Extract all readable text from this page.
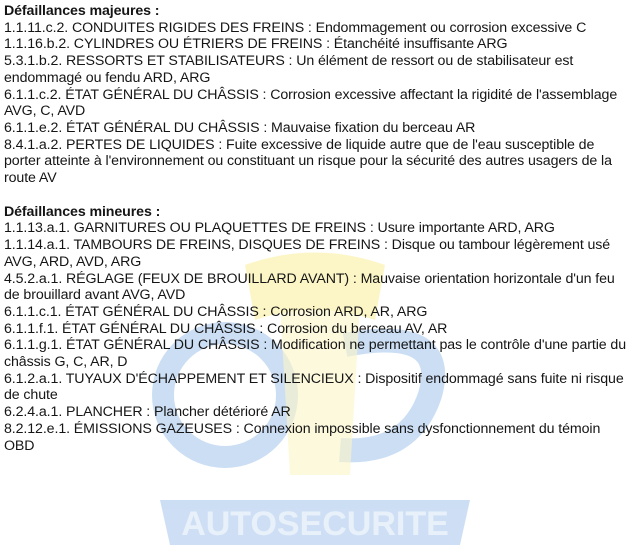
AUTOSECURITE

Défaillances majeures :

1.1.11.c.2. CONDUITES RIGIDES DES FREINS : Endommagement ou corrosion excessive C

1.1.16.b.2. CYLINDRES OU ÉTRIERS DE FREINS : Étanchéité insuffisante ARG

5.3.1.b.2. RESSORTS ET STABILISATEURS : Un élément de ressort ou de stabilisateur est endommagé ou fendu ARD, ARG

6.1.1.c.2. ÉTAT GÉNÉRAL DU CHÂSSIS : Corrosion excessive affectant la rigidité de l'assemblage AVG, C, AVD

6.1.1.e.2. ÉTAT GÉNÉRAL DU CHÂSSIS : Mauvaise fixation du berceau AR

8.4.1.a.2. PERTES DE LIQUIDES : Fuite excessive de liquide autre que de l'eau susceptible de porter atteinte à l'environnement ou constituant un risque pour la sécurité des autres usagers de la route AV

Défaillances mineures :

1.1.13.a.1. GARNITURES OU PLAQUETTES DE FREINS : Usure importante ARD, ARG

1.1.14.a.1. TAMBOURS DE FREINS, DISQUES DE FREINS : Disque ou tambour légèrement usé AVG, ARD, AVD, ARG

4.5.2.a.1. RÉGLAGE (FEUX DE BROUILLARD AVANT) : Mauvaise orientation horizontale d'un feu de brouillard avant AVG, AVD

6.1.1.c.1. ÉTAT GÉNÉRAL DU CHÂSSIS : Corrosion ARD, AR, ARG

6.1.1.f.1. ÉTAT GÉNÉRAL DU CHÂSSIS : Corrosion du berceau AV, AR

6.1.1.g.1. ÉTAT GÉNÉRAL DU CHÂSSIS : Modification ne permettant pas le contrôle d'une partie du châssis G, C, AR, D

6.1.2.a.1. TUYAUX D'ÉCHAPPEMENT ET SILENCIEUX : Dispositif endommagé sans fuite ni risque de chute

6.2.4.a.1. PLANCHER : Plancher détérioré AR

8.2.12.e.1. ÉMISSIONS GAZEUSES : Connexion impossible sans dysfonctionnement du témoin OBD
